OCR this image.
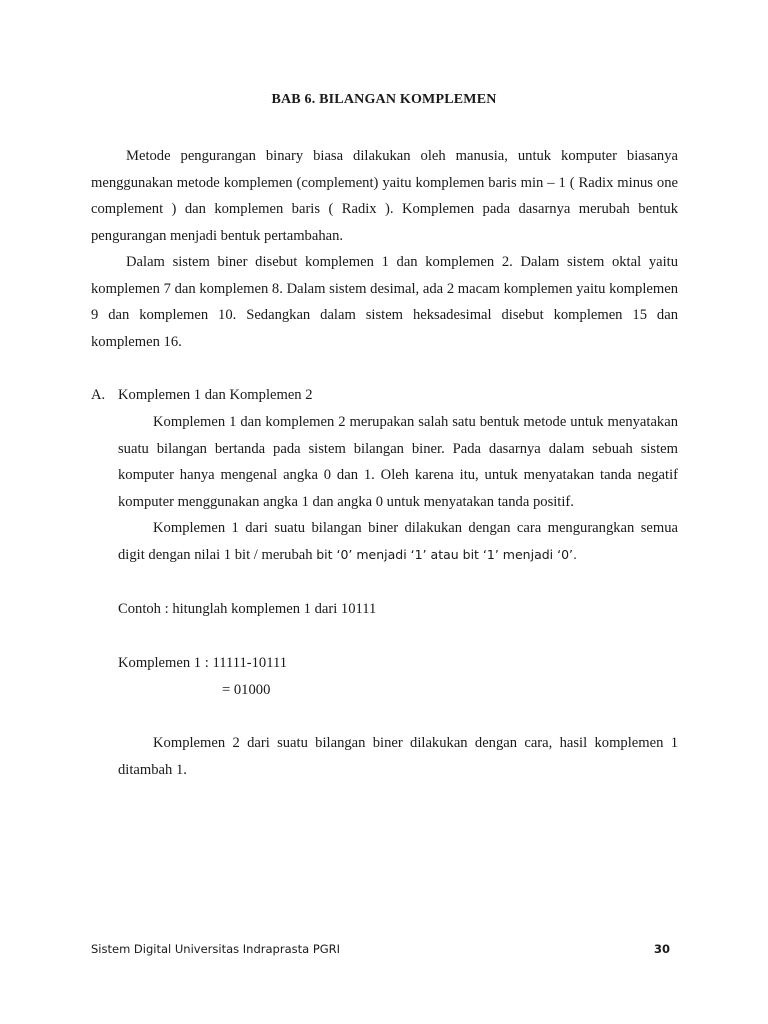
BAB 6. BILANGAN KOMPLEMEN

Metode pengurangan binary biasa dilakukan oleh manusia, untuk komputer biasanya menggunakan metode komplemen (complement) yaitu komplemen baris min – 1 ( Radix minus one complement ) dan komplemen baris ( Radix ). Komplemen pada dasarnya merubah bentuk pengurangan menjadi bentuk pertambahan.

Dalam sistem biner disebut komplemen 1 dan komplemen 2. Dalam sistem oktal yaitu komplemen 7 dan komplemen 8. Dalam sistem desimal, ada 2 macam komplemen yaitu komplemen 9 dan komplemen 10. Sedangkan dalam sistem heksadesimal disebut komplemen 15 dan komplemen 16.

A. Komplemen 1 dan Komplemen 2

Komplemen 1 dan komplemen 2 merupakan salah satu bentuk metode untuk menyatakan suatu bilangan bertanda pada sistem bilangan biner. Pada dasarnya dalam sebuah sistem komputer hanya mengenal angka 0 dan 1. Oleh karena itu, untuk menyatakan tanda negatif komputer menggunakan angka 1 dan angka 0 untuk menyatakan tanda positif.

Komplemen 1 dari suatu bilangan biner dilakukan dengan cara mengurangkan semua digit dengan nilai 1 bit / merubah bit ‘0’ menjadi ‘1’ atau bit ‘1’ menjadi ‘0’.

Contoh : hitunglah komplemen 1 dari 10111
Komplemen 1 : 11111-10111
= 01000

Komplemen 2 dari suatu bilangan biner dilakukan dengan cara, hasil komplemen 1 ditambah 1.

Sistem Digital Universitas Indraprasta PGRI	30
